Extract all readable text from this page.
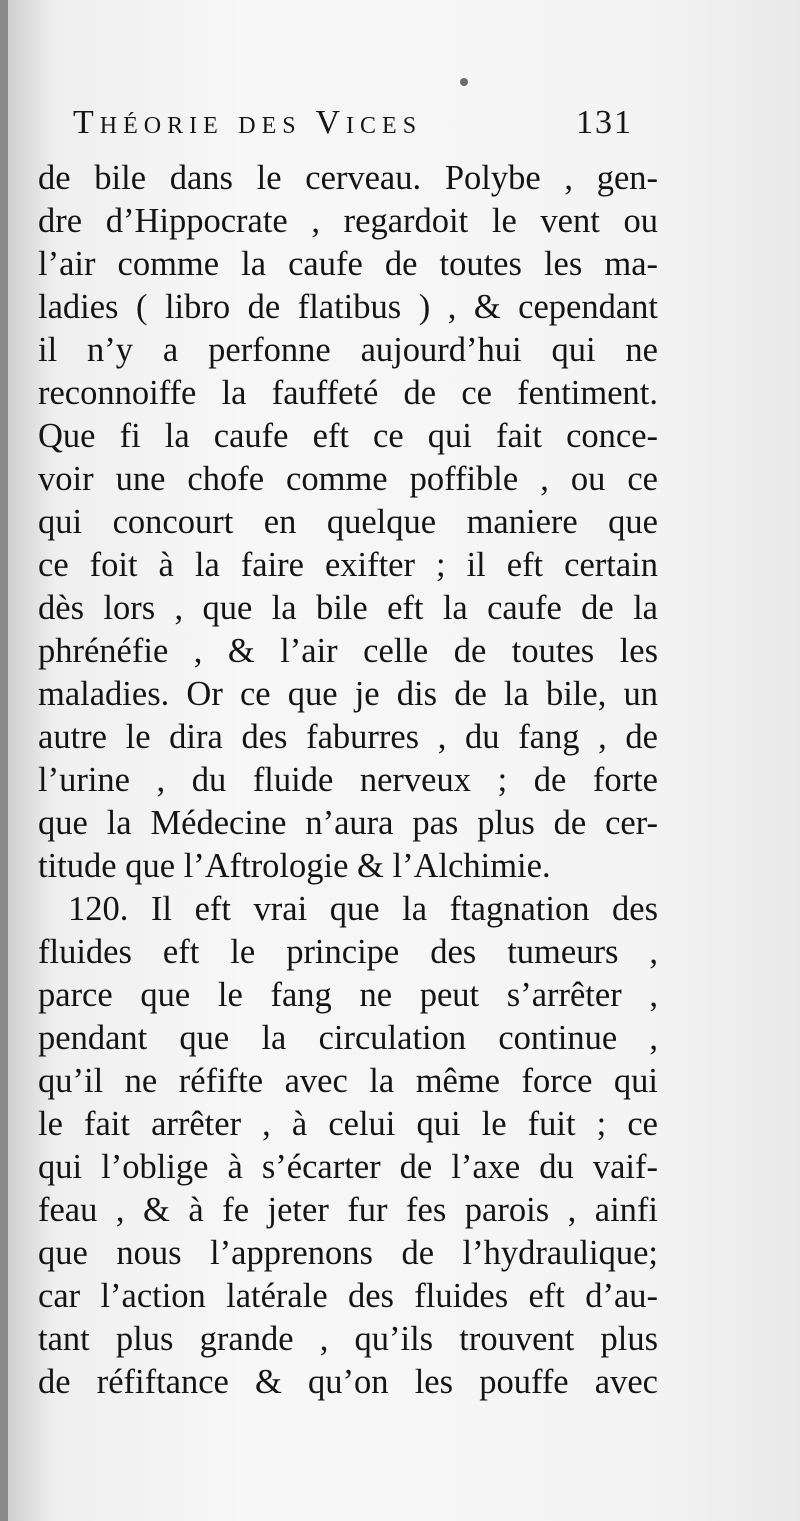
Théorie des Vices	131
de bile dans le cerveau. Polybe , gen-
dre d’Hippocrate , regardoit le vent ou
l’air comme la caufe de toutes les ma-
ladies ( libro de flatibus ) , & cependant
il n’y a perfonne aujourd’hui qui ne
reconnoiffe la fauffeté de ce fentiment.
Que fi la caufe eft ce qui fait conce-
voir une chofe comme poffible , ou ce
qui concourt en quelque maniere que
ce foit à la faire exifter ; il eft certain
dès lors , que la bile eft la caufe de la
phrénéfie , & l’air celle de toutes les
maladies. Or ce que je dis de la bile, un
autre le dira des faburres , du fang , de
l’urine , du fluide nerveux ; de forte
que la Médecine n’aura pas plus de cer-
titude que l’Aftrologie & l’Alchimie.
120. Il eft vrai que la ftagnation des
fluides eft le principe des tumeurs ,
parce que le fang ne peut s’arrêter ,
pendant que la circulation continue ,
qu’il ne réfifte avec la même force qui
le fait arrêter , à celui qui le fuit ; ce
qui l’oblige à s’écarter de l’axe du vaif-
feau , & à fe jeter fur fes parois , ainfi
que nous l’apprenons de l’hydraulique;
car l’action latérale des fluides eft d’au-
tant plus grande , qu’ils trouvent plus
de réfiftance & qu’on les pouffe avec
